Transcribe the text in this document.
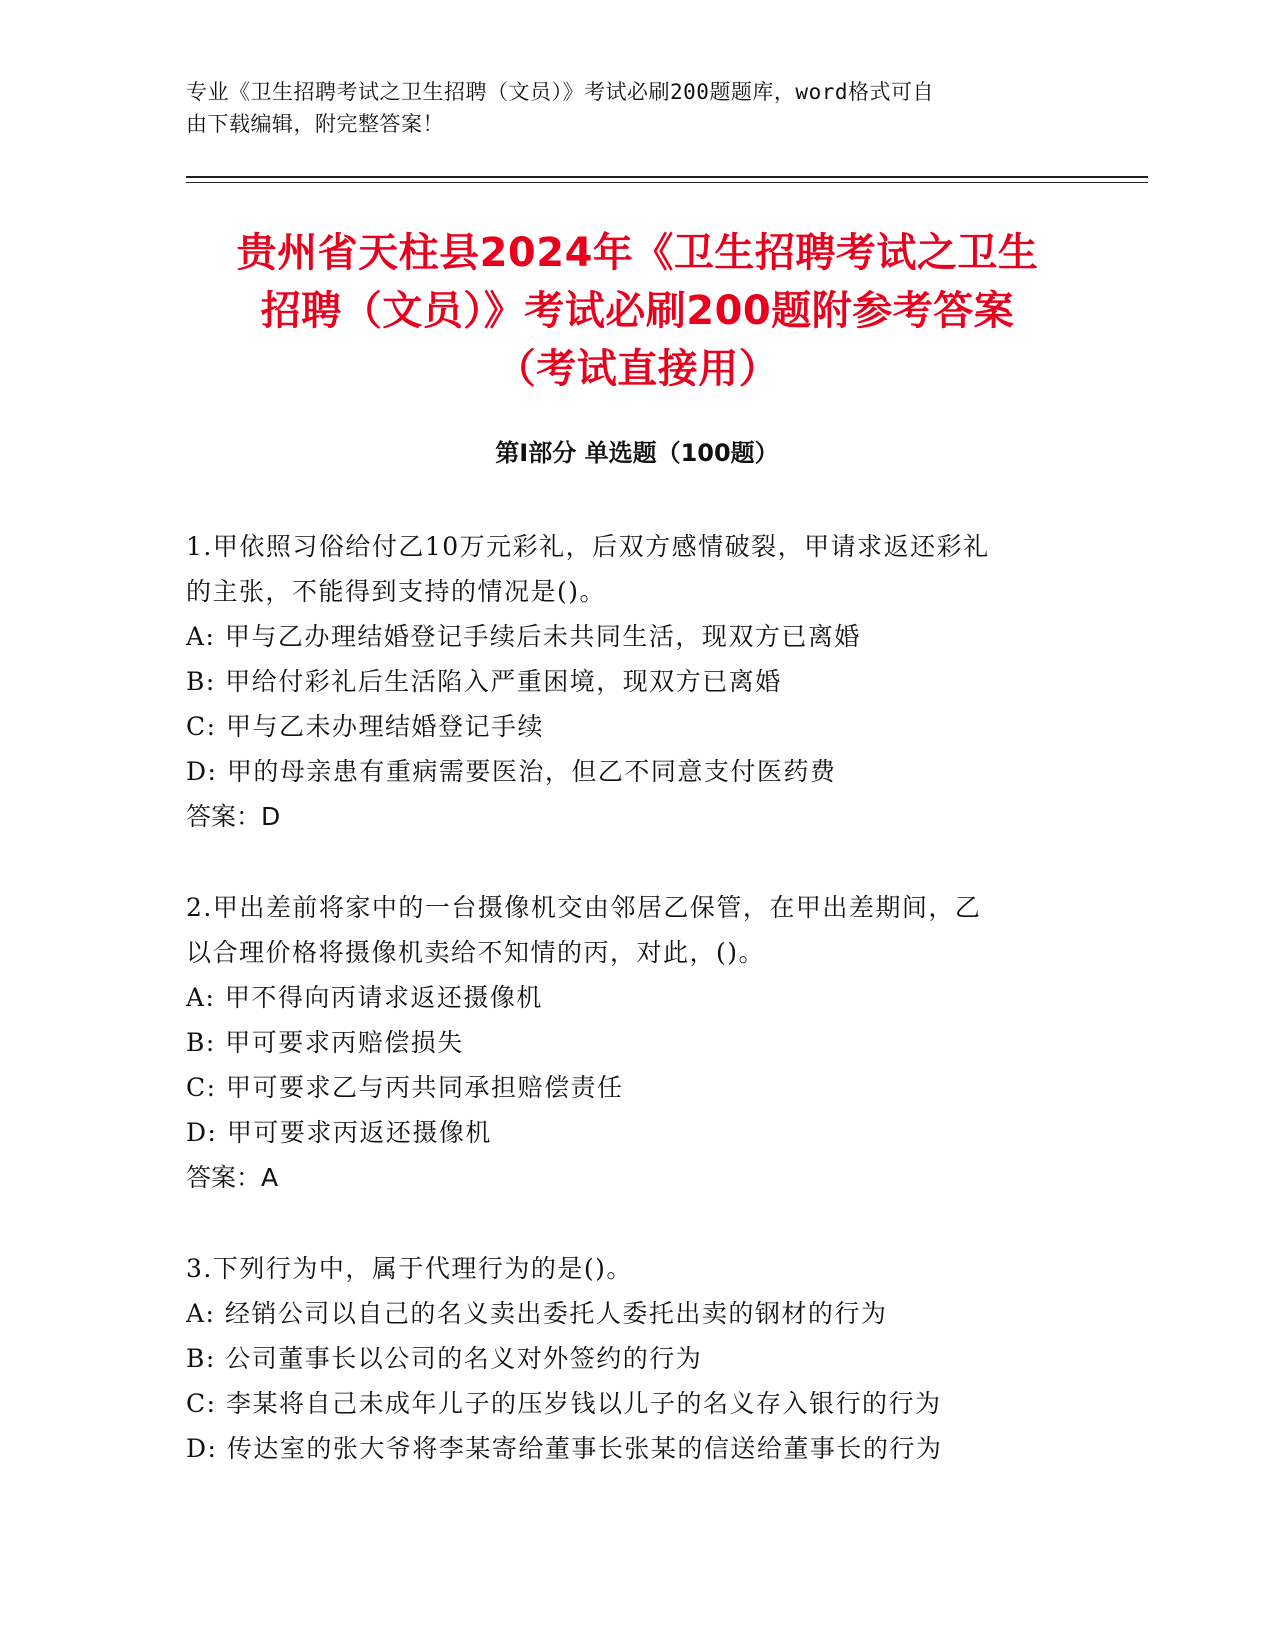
专业《卫生招聘考试之卫生招聘（文员）》考试必刷200题题库，word格式可自
由下载编辑，附完整答案！
贵州省天柱县2024年《卫生招聘考试之卫生
招聘（文员）》考试必刷200题附参考答案
（考试直接用）
第Ⅰ部分 单选题（100题）
1.甲依照习俗给付乙10万元彩礼，后双方感情破裂，甲请求返还彩礼
的主张，不能得到支持的情况是()。
A: 甲与乙办理结婚登记手续后未共同生活，现双方已离婚
B: 甲给付彩礼后生活陷入严重困境，现双方已离婚
C: 甲与乙未办理结婚登记手续
D: 甲的母亲患有重病需要医治，但乙不同意支付医药费
答案：D
2.甲出差前将家中的一台摄像机交由邻居乙保管，在甲出差期间，乙
以合理价格将摄像机卖给不知情的丙，对此，()。
A: 甲不得向丙请求返还摄像机
B: 甲可要求丙赔偿损失
C: 甲可要求乙与丙共同承担赔偿责任
D: 甲可要求丙返还摄像机
答案：A
3.下列行为中，属于代理行为的是()。
A: 经销公司以自己的名义卖出委托人委托出卖的钢材的行为
B: 公司董事长以公司的名义对外签约的行为
C: 李某将自己未成年儿子的压岁钱以儿子的名义存入银行的行为
D: 传达室的张大爷将李某寄给董事长张某的信送给董事长的行为
